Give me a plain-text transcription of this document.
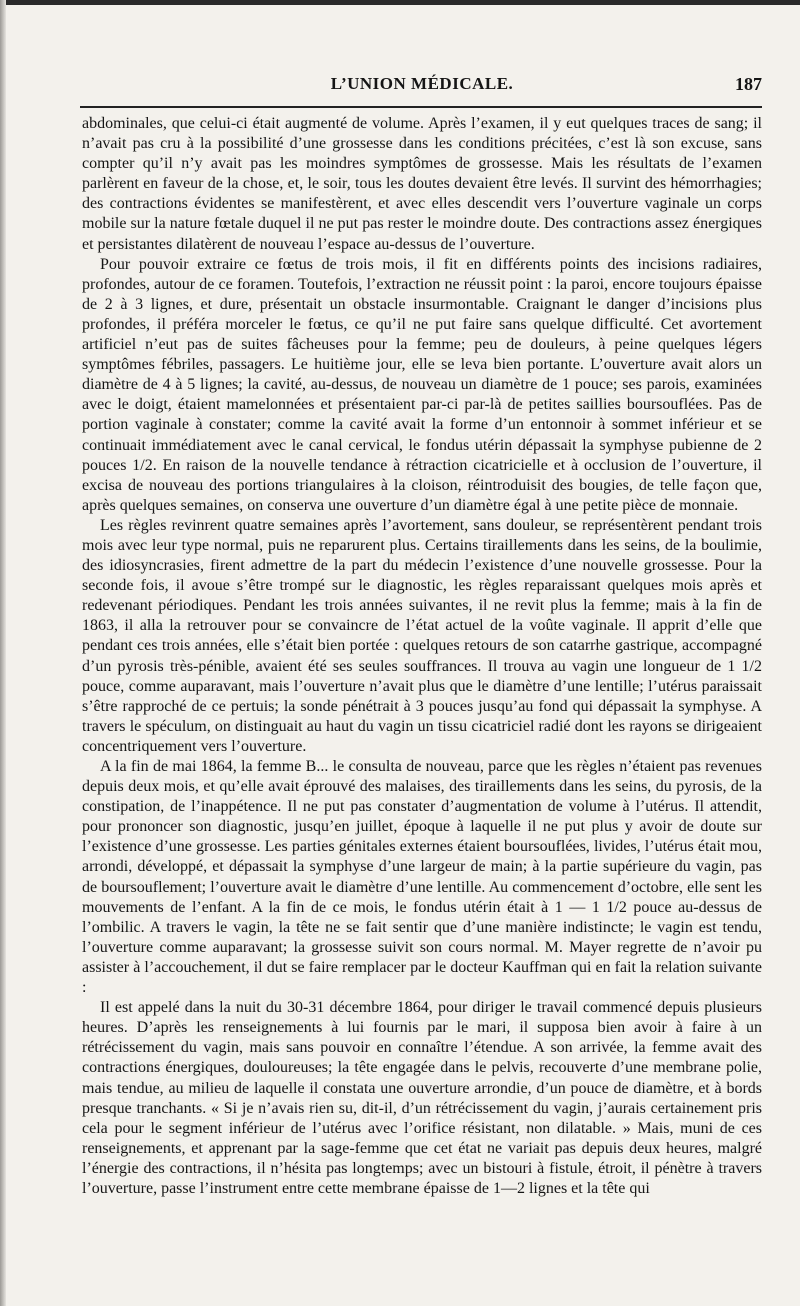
L’UNION MÉDICALE.	187

abdominales, que celui-ci était augmenté de volume. Après l’examen, il y eut quelques traces de sang; il n’avait pas cru à la possibilité d’une grossesse dans les conditions précitées, c’est là son excuse, sans compter qu’il n’y avait pas les moindres symptômes de grossesse. Mais les résultats de l’examen parlèrent en faveur de la chose, et, le soir, tous les doutes devaient être levés. Il survint des hémorrhagies; des contractions évidentes se manifestèrent, et avec elles descendit vers l’ouverture vaginale un corps mobile sur la nature fœtale duquel il ne put pas rester le moindre doute. Des contractions assez énergiques et persistantes dilatèrent de nouveau l’espace au-dessus de l’ouverture.

Pour pouvoir extraire ce fœtus de trois mois, il fit en différents points des incisions radiaires, profondes, autour de ce foramen. Toutefois, l’extraction ne réussit point : la paroi, encore toujours épaisse de 2 à 3 lignes, et dure, présentait un obstacle insurmontable. Craignant le danger d’incisions plus profondes, il préféra morceler le fœtus, ce qu’il ne put faire sans quelque difficulté. Cet avortement artificiel n’eut pas de suites fâcheuses pour la femme; peu de douleurs, à peine quelques légers symptômes fébriles, passagers. Le huitième jour, elle se leva bien portante. L’ouverture avait alors un diamètre de 4 à 5 lignes; la cavité, au-dessus, de nouveau un diamètre de 1 pouce; ses parois, examinées avec le doigt, étaient mamelonnées et présentaient par-ci par-là de petites saillies boursouflées. Pas de portion vaginale à constater; comme la cavité avait la forme d’un entonnoir à sommet inférieur et se continuait immédiatement avec le canal cervical, le fondus utérin dépassait la symphyse pubienne de 2 pouces 1/2. En raison de la nouvelle tendance à rétraction cicatricielle et à occlusion de l’ouverture, il excisa de nouveau des portions triangulaires à la cloison, réintroduisit des bougies, de telle façon que, après quelques semaines, on conserva une ouverture d’un diamètre égal à une petite pièce de monnaie.

Les règles revinrent quatre semaines après l’avortement, sans douleur, se représentèrent pendant trois mois avec leur type normal, puis ne reparurent plus. Certains tiraillements dans les seins, de la boulimie, des idiosyncrasies, firent admettre de la part du médecin l’existence d’une nouvelle grossesse. Pour la seconde fois, il avoue s’être trompé sur le diagnostic, les règles reparaissant quelques mois après et redevenant périodiques. Pendant les trois années suivantes, il ne revit plus la femme; mais à la fin de 1863, il alla la retrouver pour se convaincre de l’état actuel de la voûte vaginale. Il apprit d’elle que pendant ces trois années, elle s’était bien portée : quelques retours de son catarrhe gastrique, accompagné d’un pyrosis très-pénible, avaient été ses seules souffrances. Il trouva au vagin une longueur de 1 1/2 pouce, comme auparavant, mais l’ouverture n’avait plus que le diamètre d’une lentille; l’utérus paraissait s’être rapproché de ce pertuis; la sonde pénétrait à 3 pouces jusqu’au fond qui dépassait la symphyse. A travers le spéculum, on distinguait au haut du vagin un tissu cicatriciel radié dont les rayons se dirigeaient concentriquement vers l’ouverture.

A la fin de mai 1864, la femme B... le consulta de nouveau, parce que les règles n’étaient pas revenues depuis deux mois, et qu’elle avait éprouvé des malaises, des tiraillements dans les seins, du pyrosis, de la constipation, de l’inappétence. Il ne put pas constater d’augmentation de volume à l’utérus. Il attendit, pour prononcer son diagnostic, jusqu’en juillet, époque à laquelle il ne put plus y avoir de doute sur l’existence d’une grossesse. Les parties génitales externes étaient boursouflées, livides, l’utérus était mou, arrondi, développé, et dépassait la symphyse d’une largeur de main; à la partie supérieure du vagin, pas de boursouflement; l’ouverture avait le diamètre d’une lentille. Au commencement d’octobre, elle sent les mouvements de l’enfant. A la fin de ce mois, le fondus utérin était à 1 — 1 1/2 pouce au-dessus de l’ombilic. A travers le vagin, la tête ne se fait sentir que d’une manière indistincte; le vagin est tendu, l’ouverture comme auparavant; la grossesse suivit son cours normal. M. Mayer regrette de n’avoir pu assister à l’accouchement, il dut se faire remplacer par le docteur Kauffman qui en fait la relation suivante :

Il est appelé dans la nuit du 30-31 décembre 1864, pour diriger le travail commencé depuis plusieurs heures. D’après les renseignements à lui fournis par le mari, il supposa bien avoir à faire à un rétrécissement du vagin, mais sans pouvoir en connaître l’étendue. A son arrivée, la femme avait des contractions énergiques, douloureuses; la tête engagée dans le pelvis, recouverte d’une membrane polie, mais tendue, au milieu de laquelle il constata une ouverture arrondie, d’un pouce de diamètre, et à bords presque tranchants. « Si je n’avais rien su, dit-il, d’un rétrécissement du vagin, j’aurais certainement pris cela pour le segment inférieur de l’utérus avec l’orifice résistant, non dilatable. » Mais, muni de ces renseignements, et apprenant par la sage-femme que cet état ne variait pas depuis deux heures, malgré l’énergie des contractions, il n’hésita pas longtemps; avec un bistouri à fistule, étroit, il pénètre à travers l’ouverture, passe l’instrument entre cette membrane épaisse de 1—2 lignes et la tête qui
